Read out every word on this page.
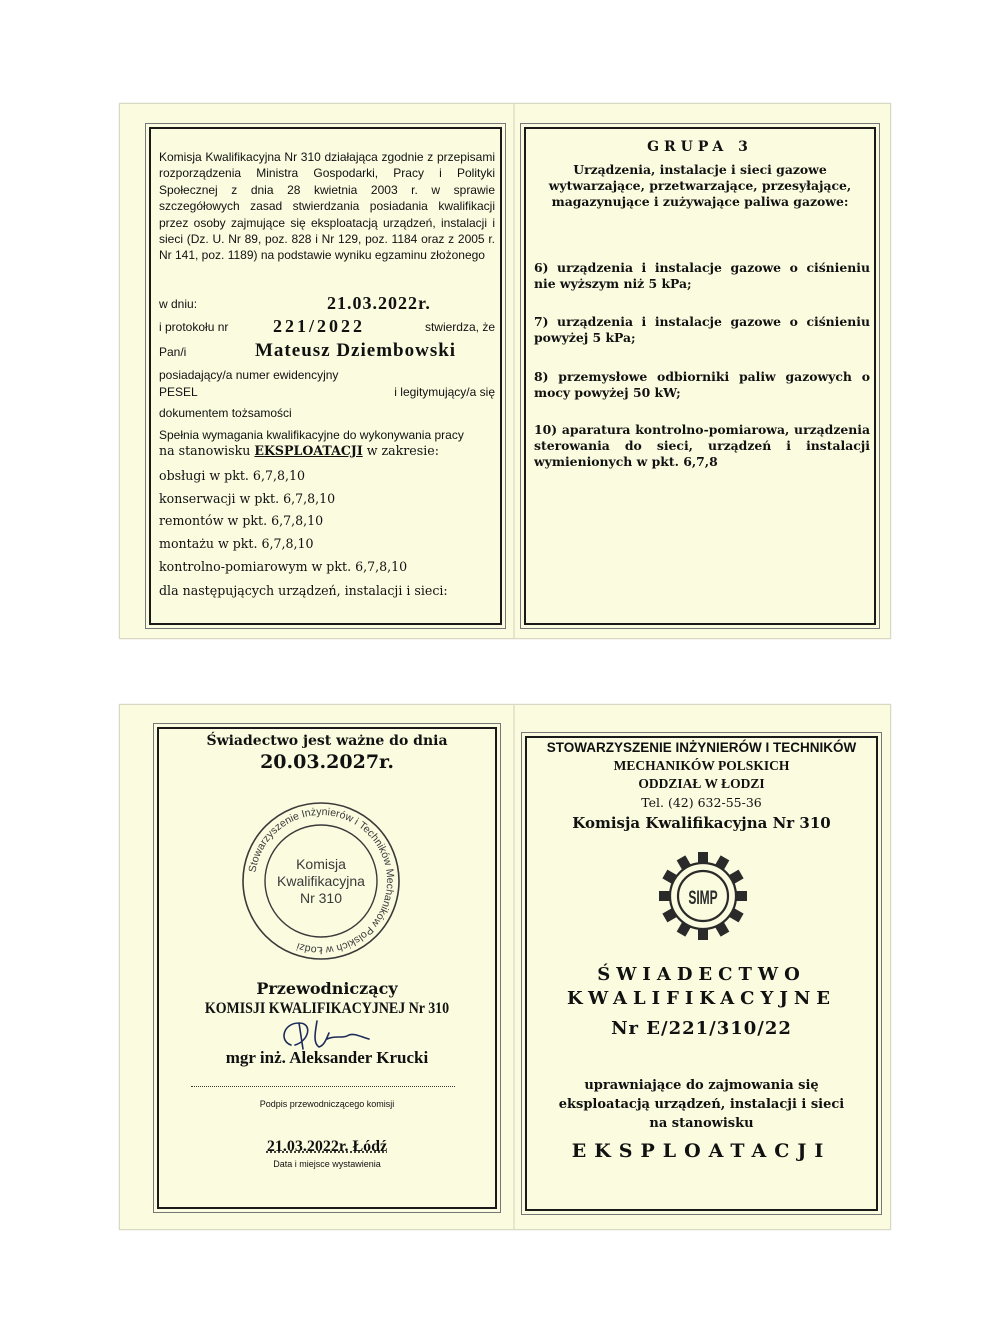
Komisja Kwalifikacyjna Nr 310 działająca zgodnie z przepisami rozporządzenia Ministra Gospodarki, Pracy i Polityki Społecznej z dnia 28 kwietnia 2003 r. w sprawie szczegółowych zasad stwierdzania posiadania kwalifikacji przez osoby zajmujące się eksploatacją urządzeń, instalacji i sieci (Dz. U. Nr 89, poz. 828 i Nr 129, poz. 1184 oraz z 2005 r. Nr 141, poz. 1189) na podstawie wyniku egzaminu złożonego
w dniu:	21.03.2022r.
i protokołu nr 221/2022	stwierdza, że
Pan/i	Mateusz Dziembowski
posiadający/a numer ewidencyjny
PESEL	i legitymujący/a się
dokumentem tożsamości
Spełnia wymagania kwalifikacyjne do wykonywania pracy
na stanowisku EKSPLOATACJI w zakresie:
obsługi w pkt. 6,7,8,10
konserwacji w pkt. 6,7,8,10
remontów w pkt. 6,7,8,10
montażu w pkt. 6,7,8,10
kontrolno-pomiarowym w pkt. 6,7,8,10
dla następujących urządzeń, instalacji i sieci:
GRUPA 3
Urządzenia, instalacje i sieci gazowe wytwarzające, przetwarzające, przesyłające, magazynujące i zużywające paliwa gazowe:
6) urządzenia i instalacje gazowe o ciśnieniu nie wyższym niż 5 kPa;
7) urządzenia i instalacje gazowe o ciśnieniu powyżej 5 kPa;
8) przemysłowe odbiorniki paliw gazowych o mocy powyżej 50 kW;
10) aparatura kontrolno-pomiarowa, urządzenia sterowania do sieci, urządzeń i instalacji wymienionych w pkt. 6,7,8
Świadectwo jest ważne do dnia
20.03.2027r.
Stowarzyszenie Inżynierów i Techników Mechaników Polskich w Łodzi
Komisja
Kwalifikacyjna
Nr 310
Przewodniczący
KOMISJI KWALIFIKACYJNEJ Nr 310
mgr inż. Aleksander Krucki
Podpis przewodniczącego komisji
21.03.2022r. Łódź
Data i miejsce wystawienia
STOWARZYSZENIE INŻYNIERÓW I TECHNIKÓW
MECHANIKÓW POLSKICH
ODDZIAŁ W ŁODZI
Tel. (42) 632-55-36
Komisja Kwalifikacyjna Nr 310
SIMP
ŚWIADECTWO
KWALIFIKACYJNE
Nr E/221/310/22
uprawniające do zajmowania się eksploatacją urządzeń, instalacji i sieci na stanowisku
EKSPLOATACJI
